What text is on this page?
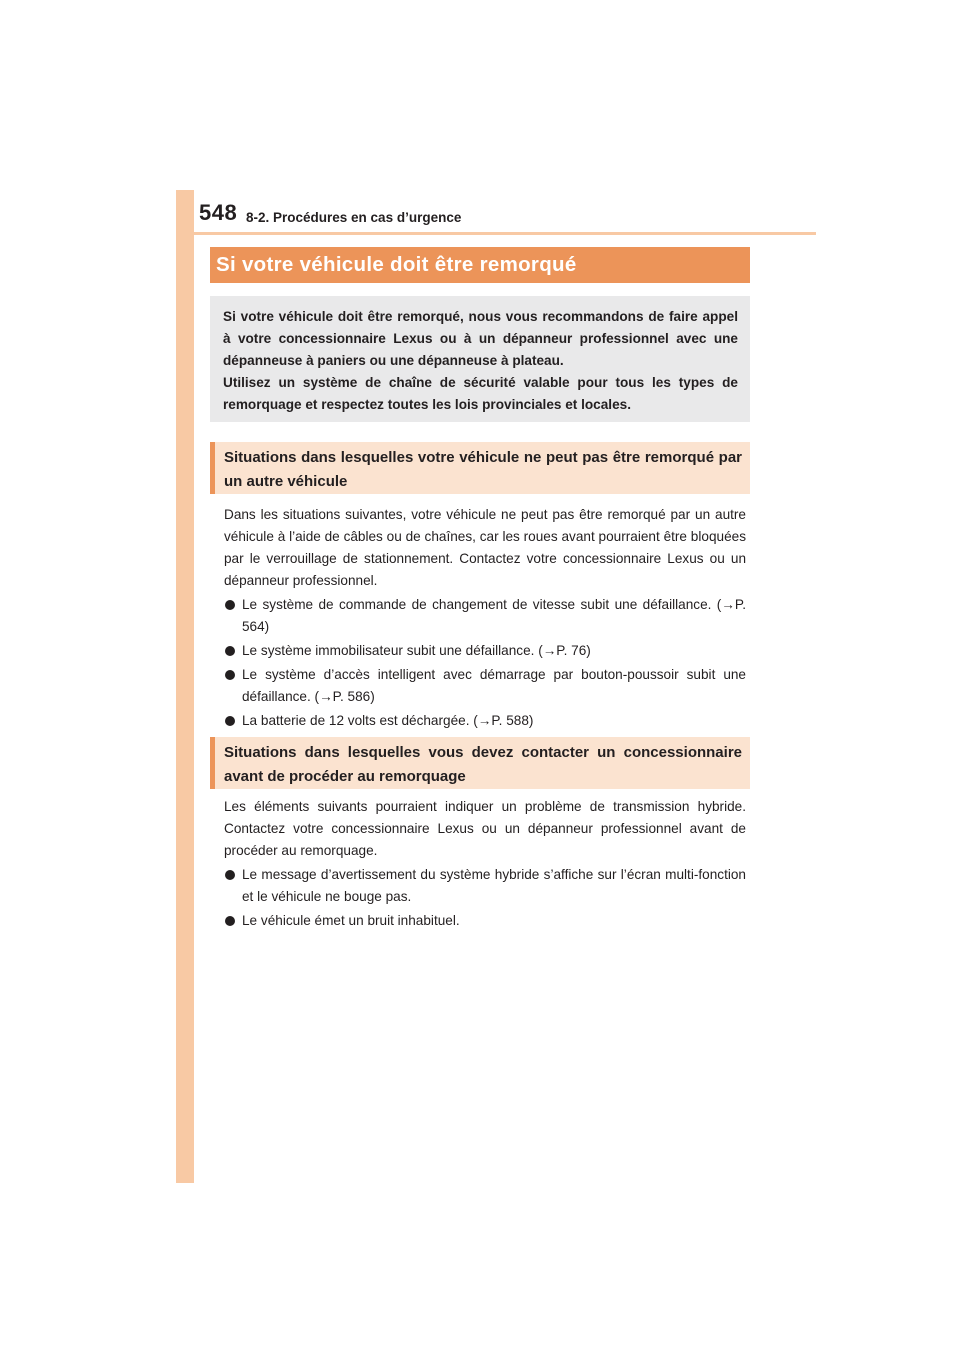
548 8-2. Procédures en cas d’urgence
Si votre véhicule doit être remorqué

Si votre véhicule doit être remorqué, nous vous recommandons de faire appel à votre concessionnaire Lexus ou à un dépanneur professionnel avec une dépanneuse à paniers ou une dépanneuse à plateau.

Utilisez un système de chaîne de sécurité valable pour tous les types de remorquage et respectez toutes les lois provinciales et locales.

Situations dans lesquelles votre véhicule ne peut pas être remorqué par un autre véhicule

Dans les situations suivantes, votre véhicule ne peut pas être remorqué par un autre véhicule à l’aide de câbles ou de chaînes, car les roues avant pourraient être bloquées par le verrouillage de stationnement. Contactez votre concessionnaire Lexus ou un dépanneur professionnel.

Le système de commande de changement de vitesse subit une défaillance. (→P. 564)
Le système immobilisateur subit une défaillance. (→P. 76)
Le système d’accès intelligent avec démarrage par bouton-poussoir subit une défaillance. (→P. 586)
La batterie de 12 volts est déchargée. (→P. 588)
Situations dans lesquelles vous devez contacter un concessionnaire avant de procéder au remorquage

Les éléments suivants pourraient indiquer un problème de transmission hybride. Contactez votre concessionnaire Lexus ou un dépanneur professionnel avant de procéder au remorquage.

Le message d’avertissement du système hybride s’affiche sur l’écran multi-fonction et le véhicule ne bouge pas.
Le véhicule émet un bruit inhabituel.
